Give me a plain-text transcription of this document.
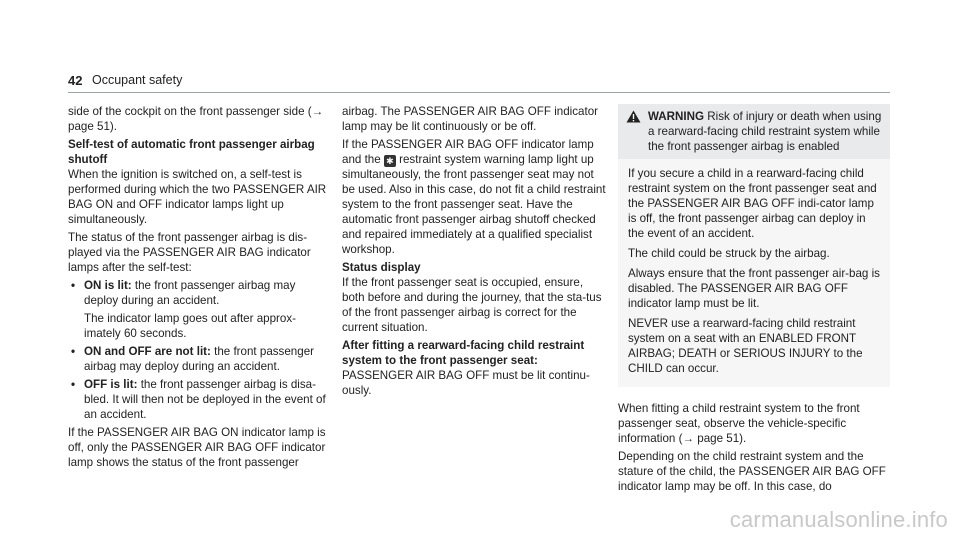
42 Occupant safety

side of the cockpit on the front passenger side (→ page 51).

Self-test of automatic front passenger airbag shutoff

When the ignition is switched on, a self-test is performed during which the two PASSENGER AIR BAG ON and OFF indicator lamps light up simultaneously.

The status of the front passenger airbag is dis-played via the PASSENGER AIR BAG indicator lamps after the self-test:

• ON is lit: the front passenger airbag may deploy during an accident.
The indicator lamp goes out after approx-imately 60 seconds.
• ON and OFF are not lit: the front passenger airbag may deploy during an accident.
• OFF is lit: the front passenger airbag is disa-bled. It will then not be deployed in the event of an accident.

If the PASSENGER AIR BAG ON indicator lamp is off, only the PASSENGER AIR BAG OFF indicator lamp shows the status of the front passenger

airbag. The PASSENGER AIR BAG OFF indicator lamp may be lit continuously or be off.

If the PASSENGER AIR BAG OFF indicator lamp and the ✱ restraint system warning lamp light up simultaneously, the front passenger seat may not be used. Also in this case, do not fit a child restraint system to the front passenger seat. Have the automatic front passenger airbag shutoff checked and repaired immediately at a qualified specialist workshop.

Status display

If the front passenger seat is occupied, ensure, both before and during the journey, that the sta-tus of the front passenger airbag is correct for the current situation.

After fitting a rearward-facing child restraint system to the front passenger seat:

PASSENGER AIR BAG OFF must be lit continu-ously.

WARNING Risk of injury or death when using a rearward-facing child restraint system while the front passenger airbag is enabled

If you secure a child in a rearward-facing child restraint system on the front passenger seat and the PASSENGER AIR BAG OFF indi-cator lamp is off, the front passenger airbag can deploy in the event of an accident.

The child could be struck by the airbag.

Always ensure that the front passenger air-bag is disabled. The PASSENGER AIR BAG OFF indicator lamp must be lit.

NEVER use a rearward-facing child restraint system on a seat with an ENABLED FRONT AIRBAG; DEATH or SERIOUS INJURY to the CHILD can occur.

When fitting a child restraint system to the front passenger seat, observe the vehicle-specific information (→ page 51).

Depending on the child restraint system and the stature of the child, the PASSENGER AIR BAG OFF indicator lamp may be off. In this case, do

carmanualsonline.info
